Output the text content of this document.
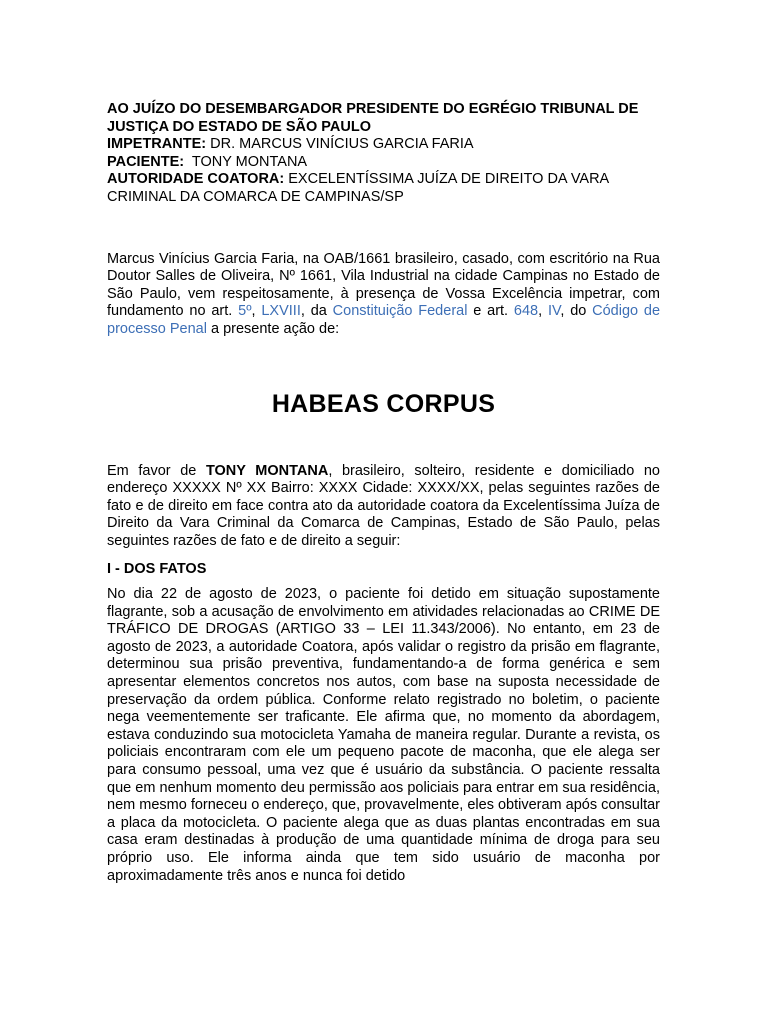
AO JUÍZO DO DESEMBARGADOR PRESIDENTE DO EGRÉGIO TRIBUNAL DE JUSTIÇA DO ESTADO DE SÃO PAULO

IMPETRANTE: DR. MARCUS VINÍCIUS GARCIA FARIA

PACIENTE:  TONY MONTANA

AUTORIDADE COATORA: EXCELENTÍSSIMA JUÍZA DE DIREITO DA VARA CRIMINAL DA COMARCA DE CAMPINAS/SP

Marcus Vinícius Garcia Faria, na OAB/1661 brasileiro, casado, com escritório na Rua Doutor Salles de Oliveira, Nº 1661, Vila Industrial na cidade Campinas no Estado de São Paulo, vem respeitosamente, à presença de Vossa Excelência impetrar, com fundamento no art. 5º, LXVIII, da Constituição Federal e art. 648, IV, do Código de processo Penal a presente ação de:

HABEAS CORPUS

Em favor de TONY MONTANA, brasileiro, solteiro, residente e domiciliado no endereço XXXXX Nº XX Bairro: XXXX Cidade: XXXX/XX, pelas seguintes razões de fato e de direito em face contra ato da autoridade coatora da Excelentíssima Juíza de Direito da Vara Criminal da Comarca de Campinas, Estado de São Paulo, pelas seguintes razões de fato e de direito a seguir:

I - DOS FATOS

No dia 22 de agosto de 2023, o paciente foi detido em situação supostamente flagrante, sob a acusação de envolvimento em atividades relacionadas ao CRIME DE TRÁFICO DE DROGAS (ARTIGO 33 – LEI 11.343/2006). No entanto, em 23 de agosto de 2023, a autoridade Coatora, após validar o registro da prisão em flagrante, determinou sua prisão preventiva, fundamentando-a de forma genérica e sem apresentar elementos concretos nos autos, com base na suposta necessidade de preservação da ordem pública. Conforme relato registrado no boletim, o paciente nega veementemente ser traficante. Ele afirma que, no momento da abordagem, estava conduzindo sua motocicleta Yamaha de maneira regular. Durante a revista, os policiais encontraram com ele um pequeno pacote de maconha, que ele alega ser para consumo pessoal, uma vez que é usuário da substância. O paciente ressalta que em nenhum momento deu permissão aos policiais para entrar em sua residência, nem mesmo forneceu o endereço, que, provavelmente, eles obtiveram após consultar a placa da motocicleta. O paciente alega que as duas plantas encontradas em sua casa eram destinadas à produção de uma quantidade mínima de droga para seu próprio uso. Ele informa ainda que tem sido usuário de maconha por aproximadamente três anos e nunca foi detido
